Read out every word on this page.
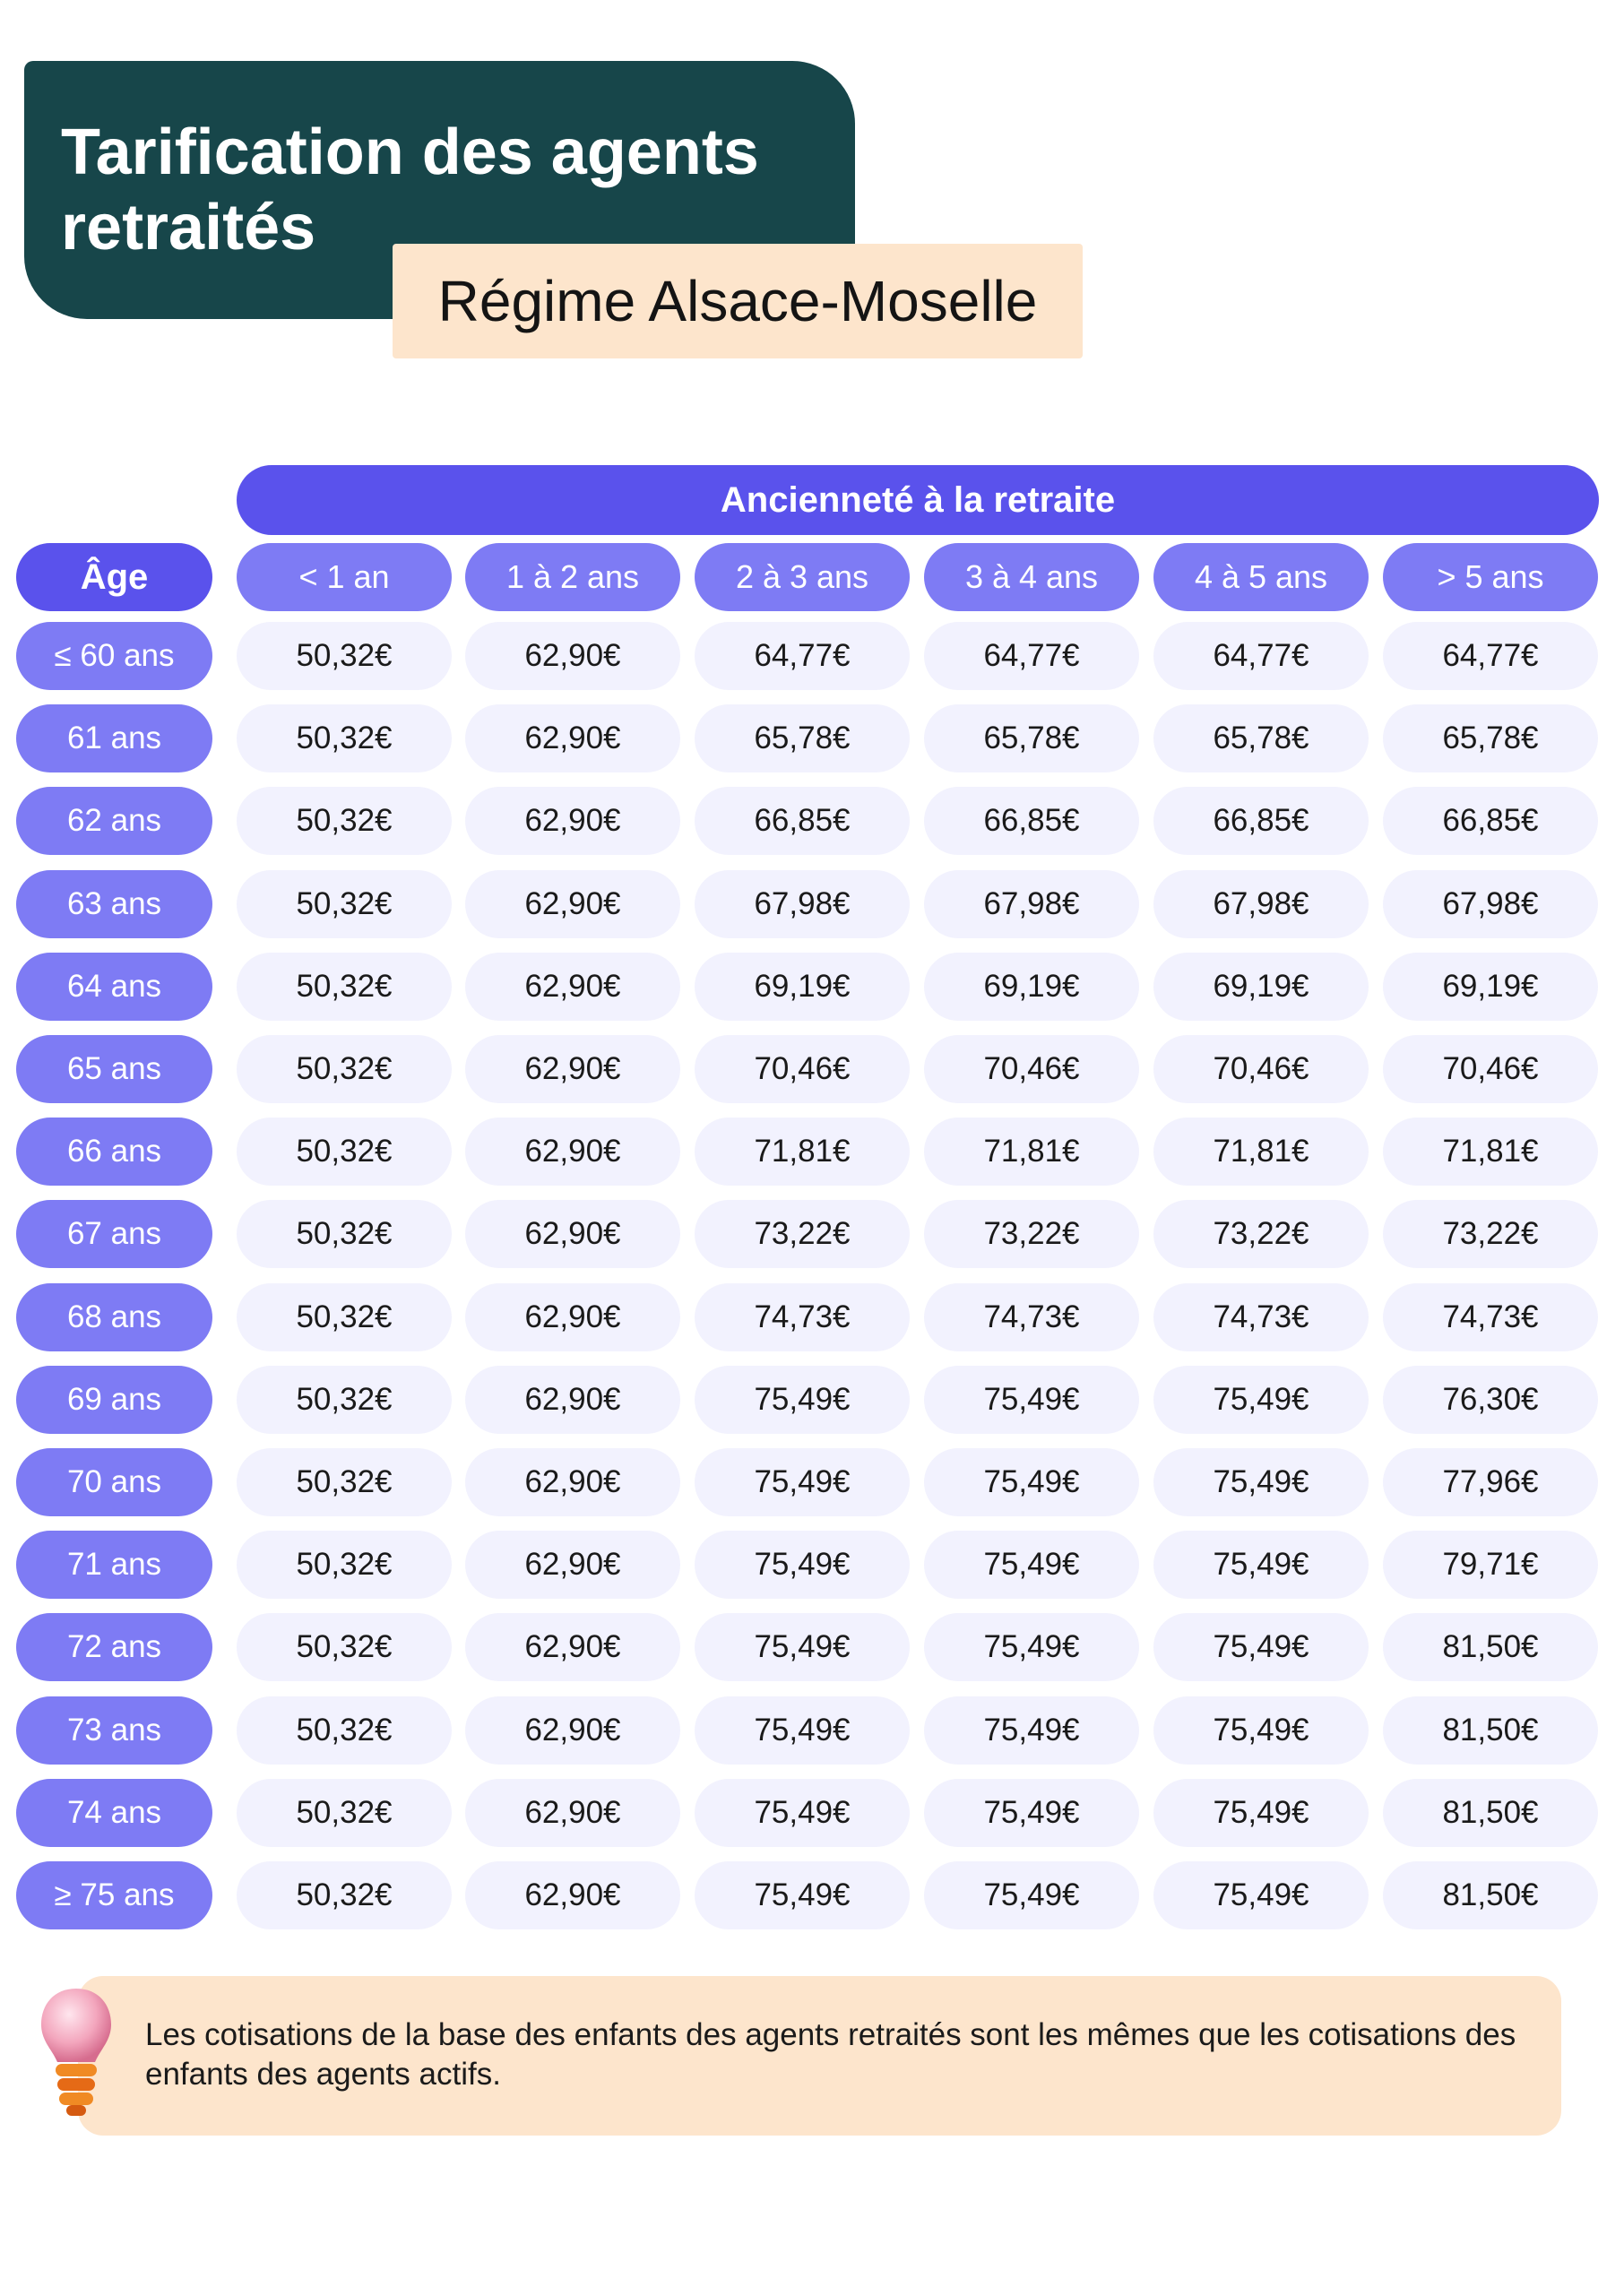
Tarification des agents retraités
Régime Alsace-Moselle
Ancienneté à la retraite
Âge	< 1 an	1 à 2 ans	2 à 3 ans	3 à 4 ans	4 à 5 ans	> 5 ans
≤ 60 ans	50,32€	62,90€	64,77€	64,77€	64,77€	64,77€
61 ans	50,32€	62,90€	65,78€	65,78€	65,78€	65,78€
62 ans	50,32€	62,90€	66,85€	66,85€	66,85€	66,85€
63 ans	50,32€	62,90€	67,98€	67,98€	67,98€	67,98€
64 ans	50,32€	62,90€	69,19€	69,19€	69,19€	69,19€
65 ans	50,32€	62,90€	70,46€	70,46€	70,46€	70,46€
66 ans	50,32€	62,90€	71,81€	71,81€	71,81€	71,81€
67 ans	50,32€	62,90€	73,22€	73,22€	73,22€	73,22€
68 ans	50,32€	62,90€	74,73€	74,73€	74,73€	74,73€
69 ans	50,32€	62,90€	75,49€	75,49€	75,49€	76,30€
70 ans	50,32€	62,90€	75,49€	75,49€	75,49€	77,96€
71 ans	50,32€	62,90€	75,49€	75,49€	75,49€	79,71€
72 ans	50,32€	62,90€	75,49€	75,49€	75,49€	81,50€
73 ans	50,32€	62,90€	75,49€	75,49€	75,49€	81,50€
74 ans	50,32€	62,90€	75,49€	75,49€	75,49€	81,50€
≥ 75 ans	50,32€	62,90€	75,49€	75,49€	75,49€	81,50€
Les cotisations de la base des enfants des agents retraités sont les mêmes que les cotisations des enfants des agents actifs.
